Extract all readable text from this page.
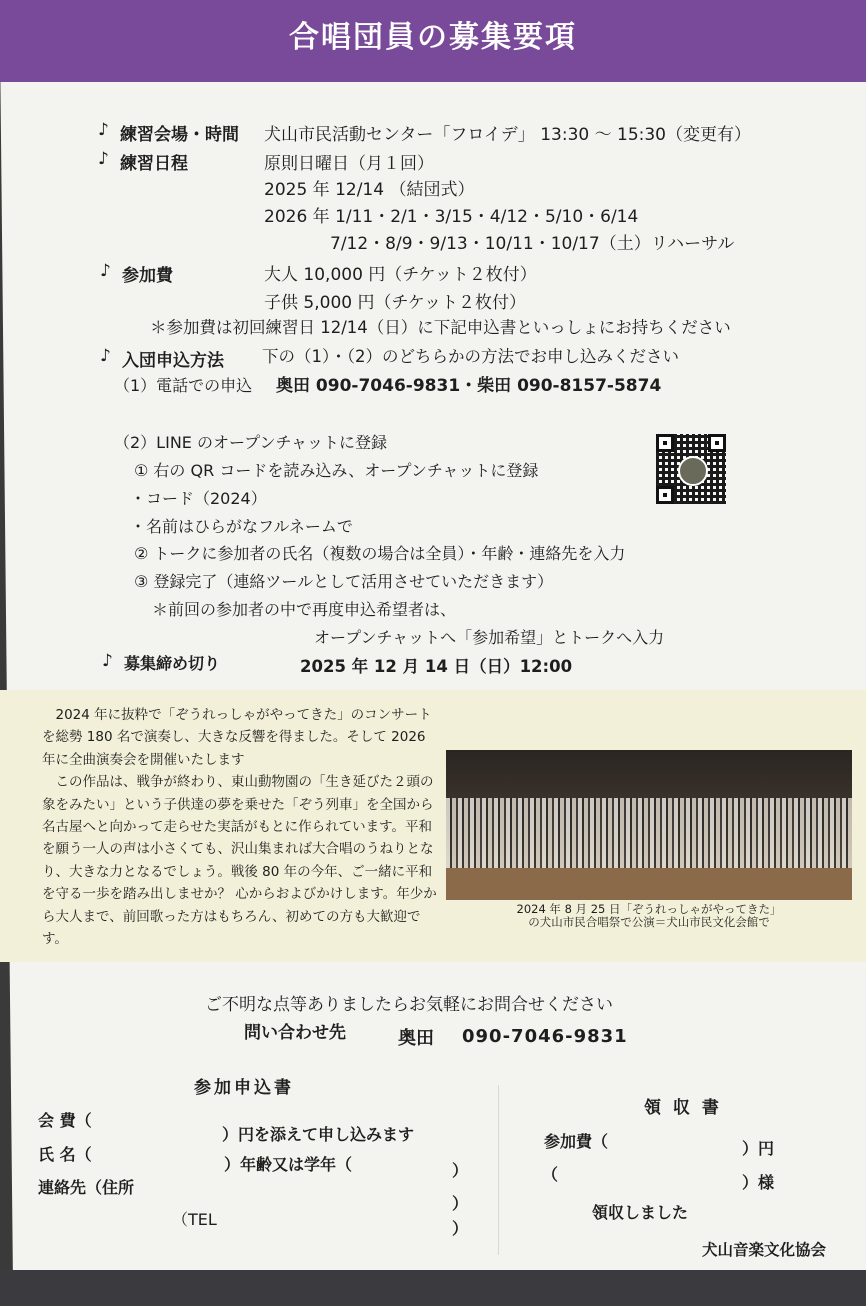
合唱団員の募集要項
♪ 練習会場・時間 犬山市民活動センター「フロイデ」 13:30 ～ 15:30（変更有）
♪ 練習日程	原則日曜日（月１回）
2025 年 12/14 （結団式）
2026 年 1/11・2/1・3/15・4/12・5/10・6/14
7/12・8/9・9/13・10/11・10/17（土）リハーサル
♪ 参加費	大人 10,000 円（チケット２枚付）
子供 5,000 円（チケット２枚付）
＊参加費は初回練習日 12/14（日）に下記申込書といっしょにお持ちください
♪ 入団申込方法 下の（1）・（2）のどちらかの方法でお申し込みください
（1）電話での申込 奥田 090-7046-9831・柴田 090-8157-5874
（2）LINE のオープンチャットに登録
① 右の QR コードを読み込み、オープンチャットに登録
・コード（2024）
・名前はひらがなフルネームで
② トークに参加者の氏名（複数の場合は全員）・年齢・連絡先を入力
③ 登録完了（連絡ツールとして活用させていただきます）
＊前回の参加者の中で再度申込希望者は、
オープンチャットへ「参加希望」とトークへ入力
♪ 募集締め切り	2025 年 12 月 14 日（日）12:00

2024 年に抜粋で「ぞうれっしゃがやってきた」のコンサートを総勢 180 名で演奏し、大きな反響を得ました。そして 2026 年に全曲演奏会を開催いたします

この作品は、戦争が終わり、東山動物園の「生き延びた２頭の象をみたい」という子供達の夢を乗せた「ぞう列車」を全国から名古屋へと向かって走らせた実話がもとに作られています。平和を願う一人の声は小さくても、沢山集まれば大合唱のうねりとなり、大きな力となるでしょう。戦後 80 年の今年、ご一緒に平和を守る一歩を踏み出しませか？ 心からおよびかけします。年少から大人まで、前回歌った方はもちろん、初めての方も大歓迎です。

2024 年 8 月 25 日「ぞうれっしゃがやってきた」
の犬山市民合唱祭で公演＝犬山市民文化会館で
ご不明な点等ありましたらお気軽にお問合せください
問い合わせ先	奥田 090-7046-9831
参加申込書
会 費（
）円を添えて申し込みます
氏 名（
）年齢又は学年（	）
連絡先（住所
）
（TEL	）
領 収 書
参加費（	）円
（	）様
領収しました
犬山音楽文化協会
